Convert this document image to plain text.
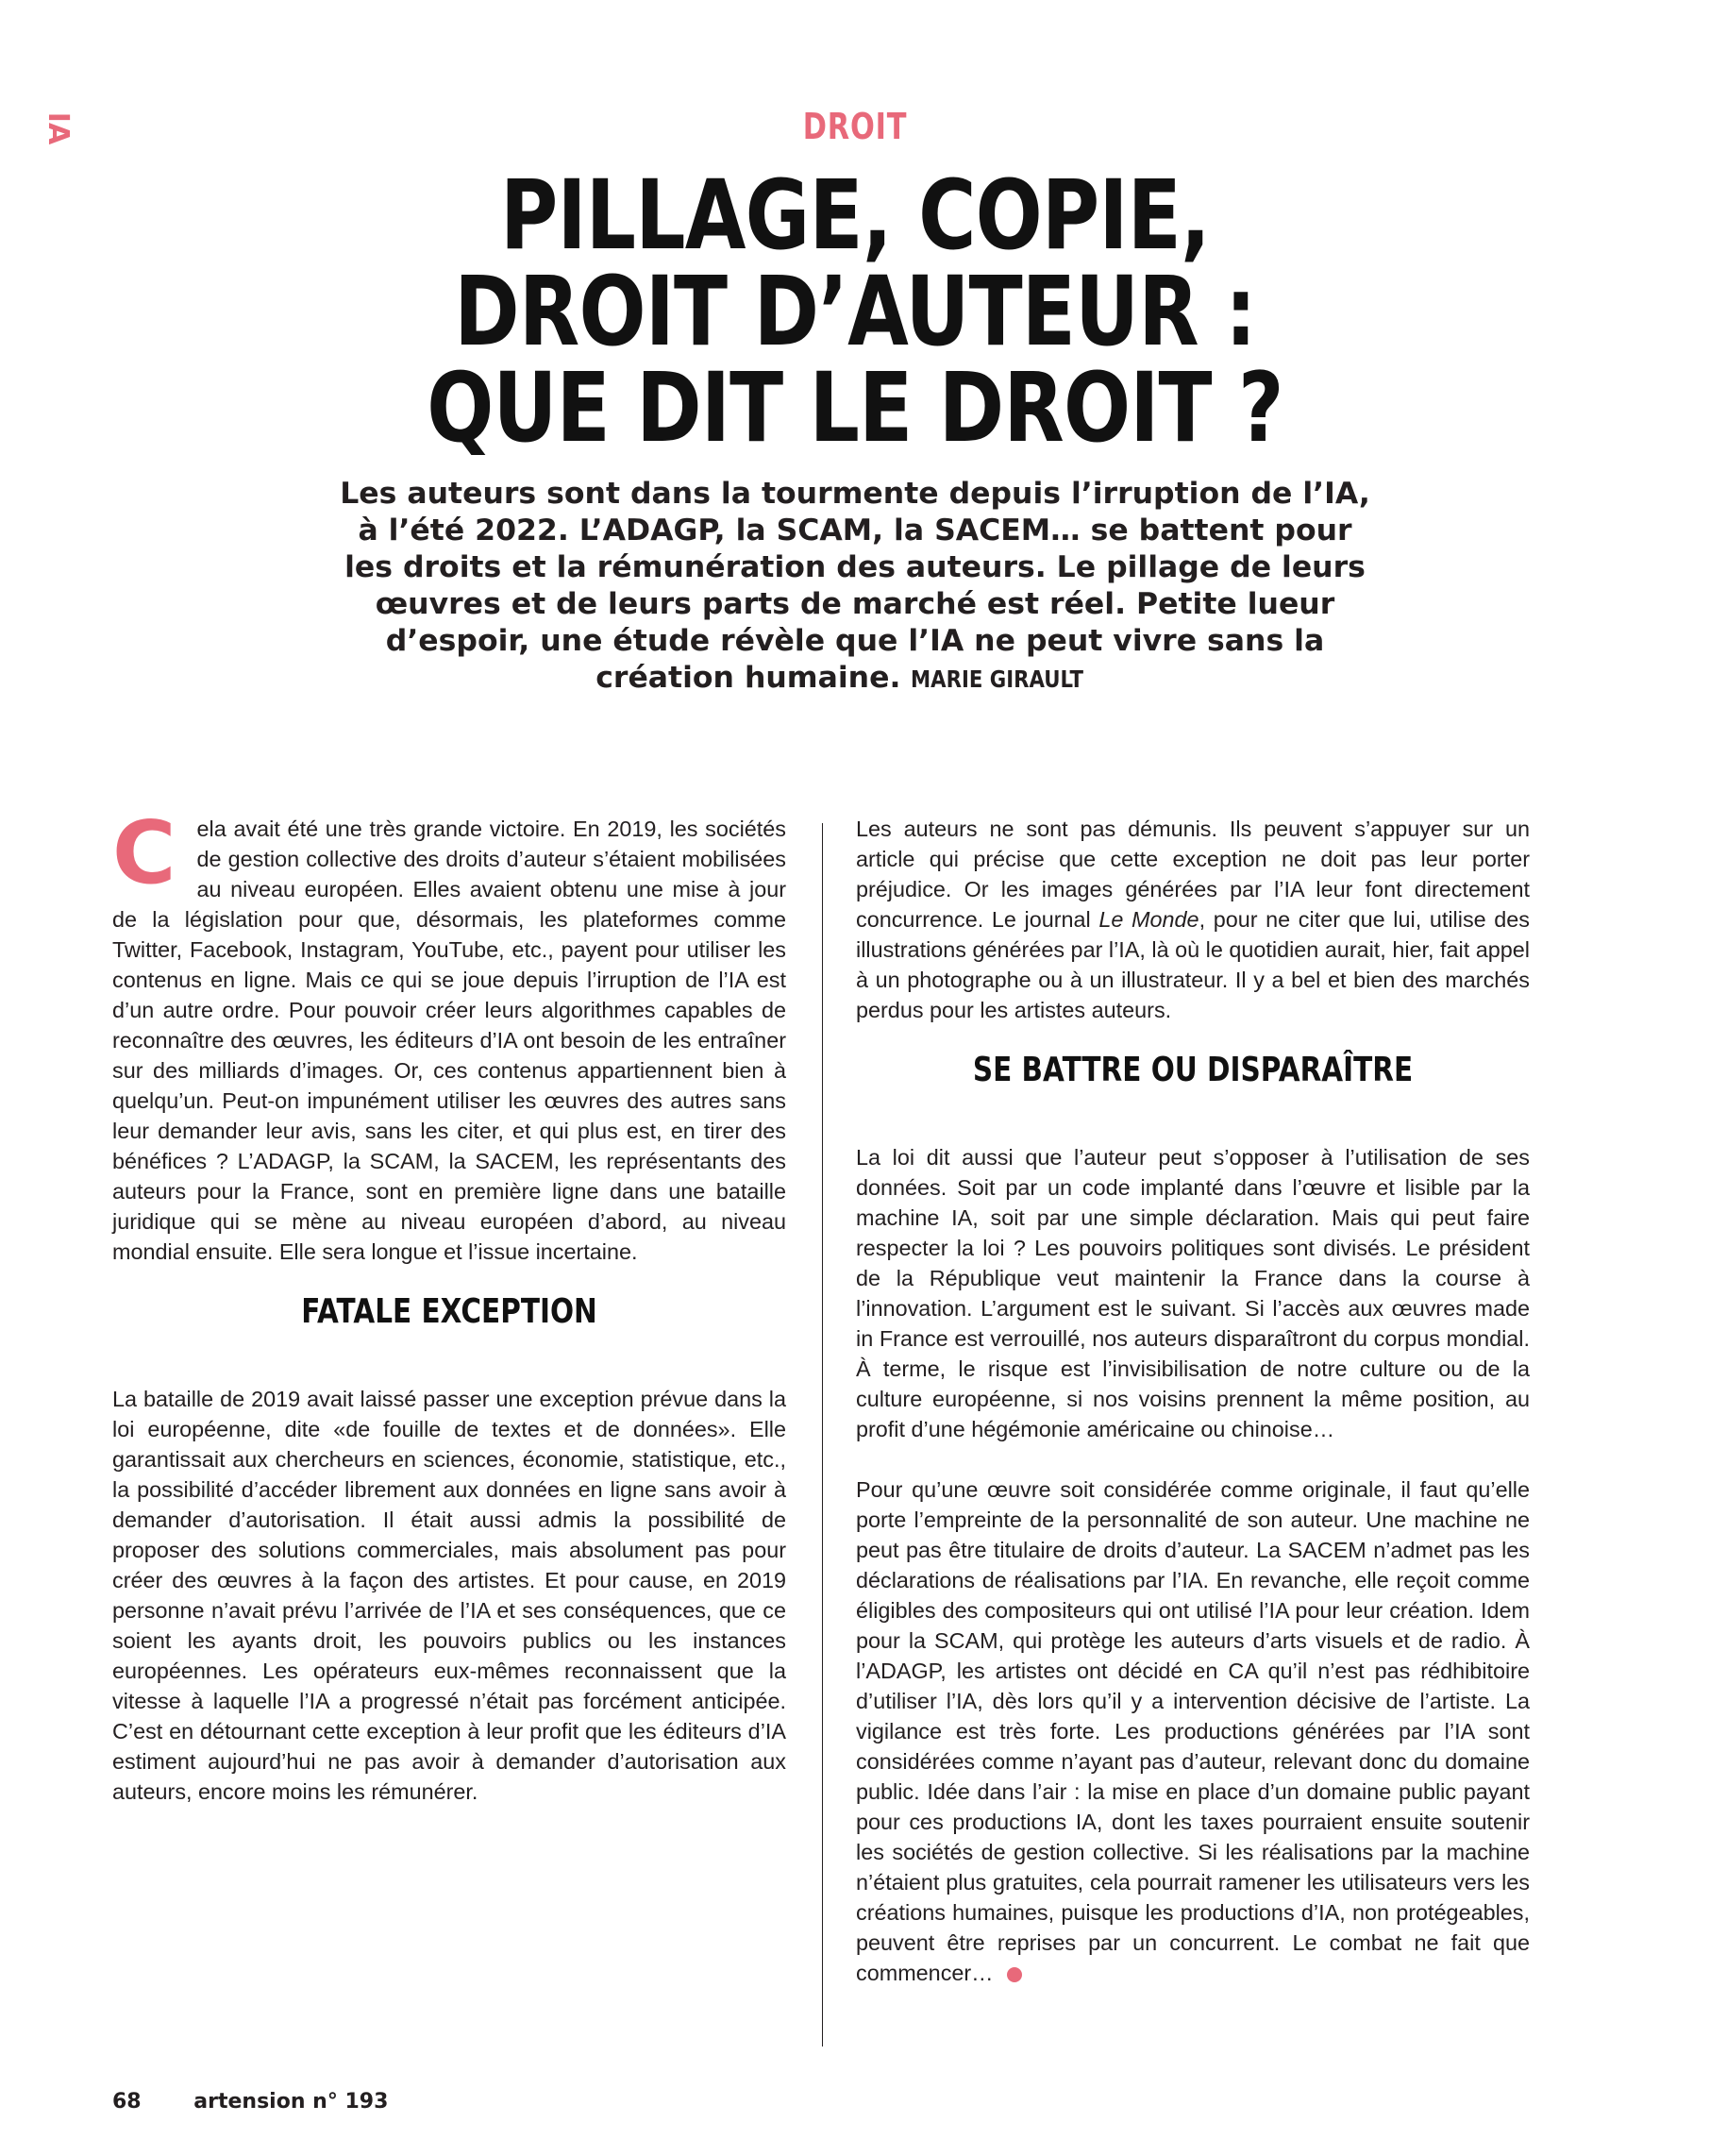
IA	DROIT
PILLAGE, COPIE,
DROIT D’AUTEUR :
QUE DIT LE DROIT ?
Les auteurs sont dans la tourmente depuis l’irruption de l’IA, à l’été 2022. L’ADAGP, la SCAM, la SACEM… se battent pour les droits et la rémunération des auteurs. Le pillage de leurs œuvres et de leurs parts de marché est réel. Petite lueur d’espoir, une étude révèle que l’IA ne peut vivre sans la création humaine. MARIE GIRAULT

C ela avait été une très grande victoire. En 2019, les sociétés de gestion collective des droits d’auteur s’étaient mobilisées au niveau européen. Elles avaient obtenu une mise à jour de la législation pour que, désormais, les plateformes comme Twitter, Facebook, Instagram, YouTube, etc., payent pour utiliser les contenus en ligne. Mais ce qui se joue depuis l’irruption de l’IA est d’un autre ordre. Pour pouvoir créer leurs algorithmes capables de reconnaître des œuvres, les éditeurs d’IA ont besoin de les entraîner sur des milliards d’images. Or, ces contenus appartiennent bien à quelqu’un. Peut-on impunément utiliser les œuvres des autres sans leur demander leur avis, sans les citer, et qui plus est, en tirer des bénéfices ? L’ADAGP, la SCAM, la SACEM, les représentants des auteurs pour la France, sont en première ligne dans une bataille juridique qui se mène au niveau européen d’abord, au niveau mondial ensuite. Elle sera longue et l’issue incertaine.

FATALE EXCEPTION

La bataille de 2019 avait laissé passer une exception prévue dans la loi européenne, dite «de fouille de textes et de données». Elle garantissait aux chercheurs en sciences, économie, statistique, etc., la possibilité d’accéder librement aux données en ligne sans avoir à demander d’autorisation. Il était aussi admis la possibilité de proposer des solutions commerciales, mais absolument pas pour créer des œuvres à la façon des artistes. Et pour cause, en 2019 personne n’avait prévu l’arrivée de l’IA et ses conséquences, que ce soient les ayants droit, les pouvoirs publics ou les instances européennes. Les opérateurs eux-mêmes reconnaissent que la vitesse à laquelle l’IA a progressé n’était pas forcément anticipée. C’est en détournant cette exception à leur profit que les éditeurs d’IA estiment aujourd’hui ne pas avoir à demander d’autorisation aux auteurs, encore moins les rémunérer.

Les auteurs ne sont pas démunis. Ils peuvent s’appuyer sur un article qui précise que cette exception ne doit pas leur porter préjudice. Or les images générées par l’IA leur font directement concurrence. Le journal Le Monde, pour ne citer que lui, utilise des illustrations générées par l’IA, là où le quotidien aurait, hier, fait appel à un photographe ou à un illustrateur. Il y a bel et bien des marchés perdus pour les artistes auteurs.

SE BATTRE OU DISPARAÎTRE

La loi dit aussi que l’auteur peut s’opposer à l’utilisation de ses données. Soit par un code implanté dans l’œuvre et lisible par la machine IA, soit par une simple déclaration. Mais qui peut faire respecter la loi ? Les pouvoirs politiques sont divisés. Le président de la République veut maintenir la France dans la course à l’innovation. L’argument est le suivant. Si l’accès aux œuvres made in France est verrouillé, nos auteurs disparaîtront du corpus mondial. À terme, le risque est l’invisibilisation de notre culture ou de la culture européenne, si nos voisins prennent la même position, au profit d’une hégémonie américaine ou chinoise…

Pour qu’une œuvre soit considérée comme originale, il faut qu’elle porte l’empreinte de la personnalité de son auteur. Une machine ne peut pas être titulaire de droits d’auteur. La SACEM n’admet pas les déclarations de réalisations par l’IA. En revanche, elle reçoit comme éligibles des compositeurs qui ont utilisé l’IA pour leur création. Idem pour la SCAM, qui protège les auteurs d’arts visuels et de radio. À l’ADAGP, les artistes ont décidé en CA qu’il n’est pas rédhibitoire d’utiliser l’IA, dès lors qu’il y a intervention décisive de l’artiste. La vigilance est très forte. Les productions générées par l’IA sont considérées comme n’ayant pas d’auteur, relevant donc du domaine public. Idée dans l’air : la mise en place d’un domaine public payant pour ces productions IA, dont les taxes pourraient ensuite soutenir les sociétés de gestion collective. Si les réalisations par la machine n’étaient plus gratuites, cela pourrait ramener les utilisateurs vers les créations humaines, puisque les productions d’IA, non protégeables, peuvent être reprises par un concurrent. Le combat ne fait que commencer…

68	artension n° 193
